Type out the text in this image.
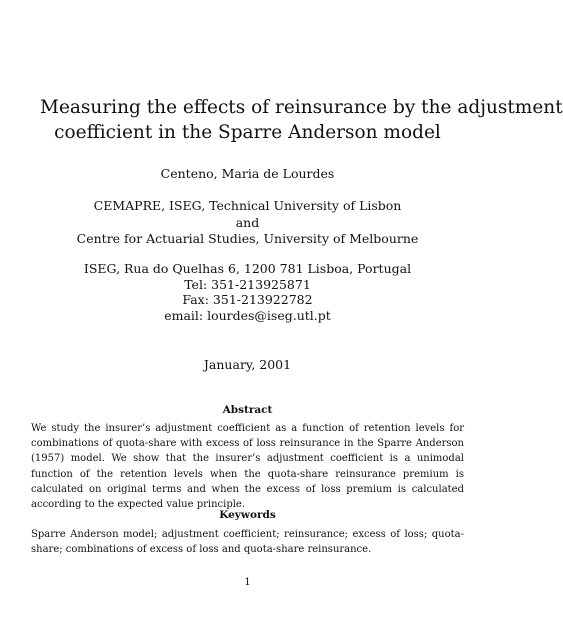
Measuring the effects of reinsurance by the adjustment
coefficient in the Sparre Anderson model
Centeno, Maria de Lourdes
CEMAPRE, ISEG, Technical University of Lisbon
and
Centre for Actuarial Studies, University of Melbourne
ISEG, Rua do Quelhas 6, 1200 781 Lisboa, Portugal
Tel: 351-213925871
Fax: 351-213922782
email: lourdes@iseg.utl.pt
January, 2001
Abstract
We study the insurer’s adjustment coefficient as a function of retention levels for combinations of quota-share with excess of loss reinsurance in the Sparre Anderson (1957) model. We show that the insurer’s adjustment coefficient is a unimodal function of the retention levels when the quota-share reinsurance premium is calculated on original terms and when the excess of loss premium is calculated according to the expected value principle.
Keywords
Sparre Anderson model; adjustment coefficient; reinsurance; excess of loss; quota-share; combinations of excess of loss and quota-share reinsurance.
1
